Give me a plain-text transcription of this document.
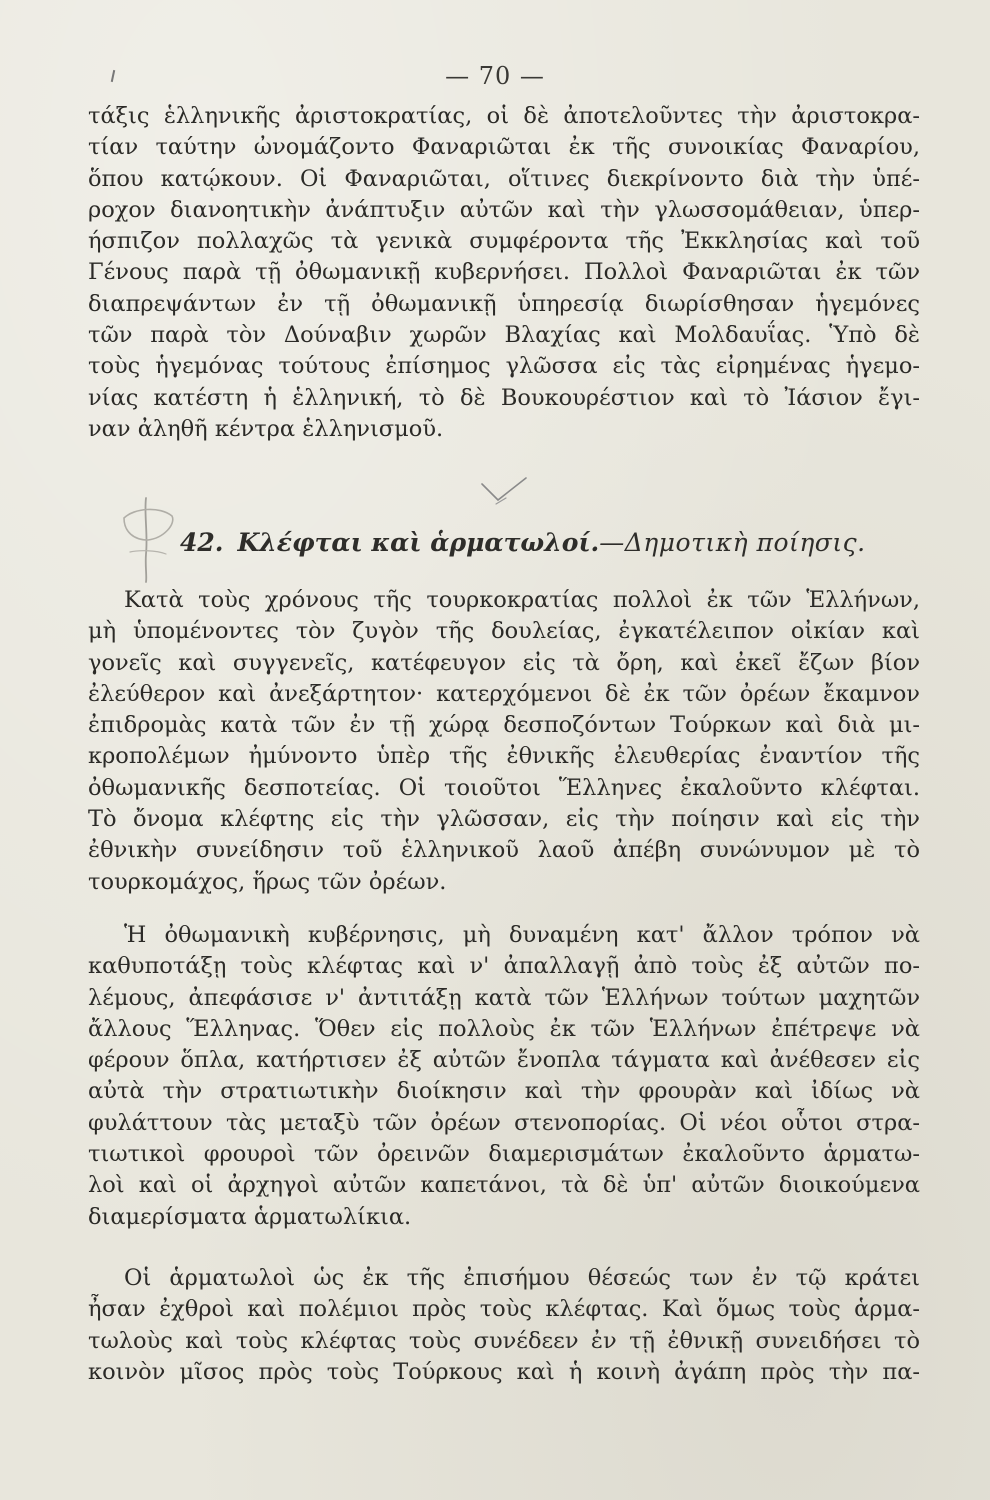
— 70 —
τάξις ἑλληνικῆς ἀριστοκρατίας, οἱ δὲ ἀποτελοῦντες τὴν ἀριστοκρα-
τίαν ταύτην ὠνομάζοντο Φαναριῶται ἐκ τῆς συνοικίας Φαναρίου,
ὅπου κατῴκουν. Οἱ Φαναριῶται, οἵτινες διεκρίνοντο διὰ τὴν ὑπέ-
ροχον διανοητικὴν ἀνάπτυξιν αὐτῶν καὶ τὴν γλωσσομάθειαν, ὑπερ-
ήσπιζον πολλαχῶς τὰ γενικὰ συμφέροντα τῆς Ἐκκλησίας καὶ τοῦ
Γένους παρὰ τῇ ὀθωμανικῇ κυβερνήσει. Πολλοὶ Φαναριῶται ἐκ τῶν
διαπρεψάντων ἐν τῇ ὀθωμανικῇ ὑπηρεσίᾳ διωρίσθησαν ἡγεμόνες
τῶν παρὰ τὸν Δούναβιν χωρῶν Βλαχίας καὶ Μολδαυΐας. Ὑπὸ δὲ
τοὺς ἡγεμόνας τούτους ἐπίσημος γλῶσσα εἰς τὰς εἰρημένας ἡγεμο-
νίας κατέστη ἡ ἑλληνική, τὸ δὲ Βουκουρέστιον καὶ τὸ Ἰάσιον ἔγι-
ναν ἀληθῆ κέντρα ἑλληνισμοῦ.
42. Κλέφται καὶ ἁρματωλοί.—Δημοτικὴ ποίησις.
Κατὰ τοὺς χρόνους τῆς τουρκοκρατίας πολλοὶ ἐκ τῶν Ἑλλήνων,
μὴ ὑπομένοντες τὸν ζυγὸν τῆς δουλείας, ἐγκατέλειπον οἰκίαν καὶ
γονεῖς καὶ συγγενεῖς, κατέφευγον εἰς τὰ ὄρη, καὶ ἐκεῖ ἔζων βίον
ἐλεύθερον καὶ ἀνεξάρτητον· κατερχόμενοι δὲ ἐκ τῶν ὀρέων ἔκαμνον
ἐπιδρομὰς κατὰ τῶν ἐν τῇ χώρᾳ δεσποζόντων Τούρκων καὶ διὰ μι-
κροπολέμων ἠμύνοντο ὑπὲρ τῆς ἐθνικῆς ἐλευθερίας ἐναντίον τῆς
ὀθωμανικῆς δεσποτείας. Οἱ τοιοῦτοι Ἕλληνες ἐκαλοῦντο κλέφται.
Τὸ ὄνομα κλέφτης εἰς τὴν γλῶσσαν, εἰς τὴν ποίησιν καὶ εἰς τὴν
ἐθνικὴν συνείδησιν τοῦ ἑλληνικοῦ λαοῦ ἀπέβη συνώνυμον μὲ τὸ
τουρκομάχος, ἥρως τῶν ὀρέων.
Ἡ ὀθωμανικὴ κυβέρνησις, μὴ δυναμένη κατ' ἄλλον τρόπον νὰ
καθυποτάξῃ τοὺς κλέφτας καὶ ν' ἀπαλλαγῇ ἀπὸ τοὺς ἐξ αὐτῶν πο-
λέμους, ἀπεφάσισε ν' ἀντιτάξῃ κατὰ τῶν Ἑλλήνων τούτων μαχητῶν
ἄλλους Ἕλληνας. Ὅθεν εἰς πολλοὺς ἐκ τῶν Ἑλλήνων ἐπέτρεψε νὰ
φέρουν ὅπλα, κατήρτισεν ἐξ αὐτῶν ἔνοπλα τάγματα καὶ ἀνέθεσεν εἰς
αὐτὰ τὴν στρατιωτικὴν διοίκησιν καὶ τὴν φρουρὰν καὶ ἰδίως νὰ
φυλάττουν τὰς μεταξὺ τῶν ὀρέων στενοπορίας. Οἱ νέοι οὗτοι στρα-
τιωτικοὶ φρουροὶ τῶν ὀρεινῶν διαμερισμάτων ἐκαλοῦντο ἁρματω-
λοὶ καὶ οἱ ἀρχηγοὶ αὐτῶν καπετάνοι, τὰ δὲ ὑπ' αὐτῶν διοικούμενα
διαμερίσματα ἁρματωλίκια.
Οἱ ἁρματωλοὶ ὡς ἐκ τῆς ἐπισήμου θέσεώς των ἐν τῷ κράτει
ἦσαν ἐχθροὶ καὶ πολέμιοι πρὸς τοὺς κλέφτας. Καὶ ὅμως τοὺς ἁρμα-
τωλοὺς καὶ τοὺς κλέφτας τοὺς συνέδεεν ἐν τῇ ἐθνικῇ συνειδήσει τὸ
κοινὸν μῖσος πρὸς τοὺς Τούρκους καὶ ἡ κοινὴ ἀγάπη πρὸς τὴν πα-
